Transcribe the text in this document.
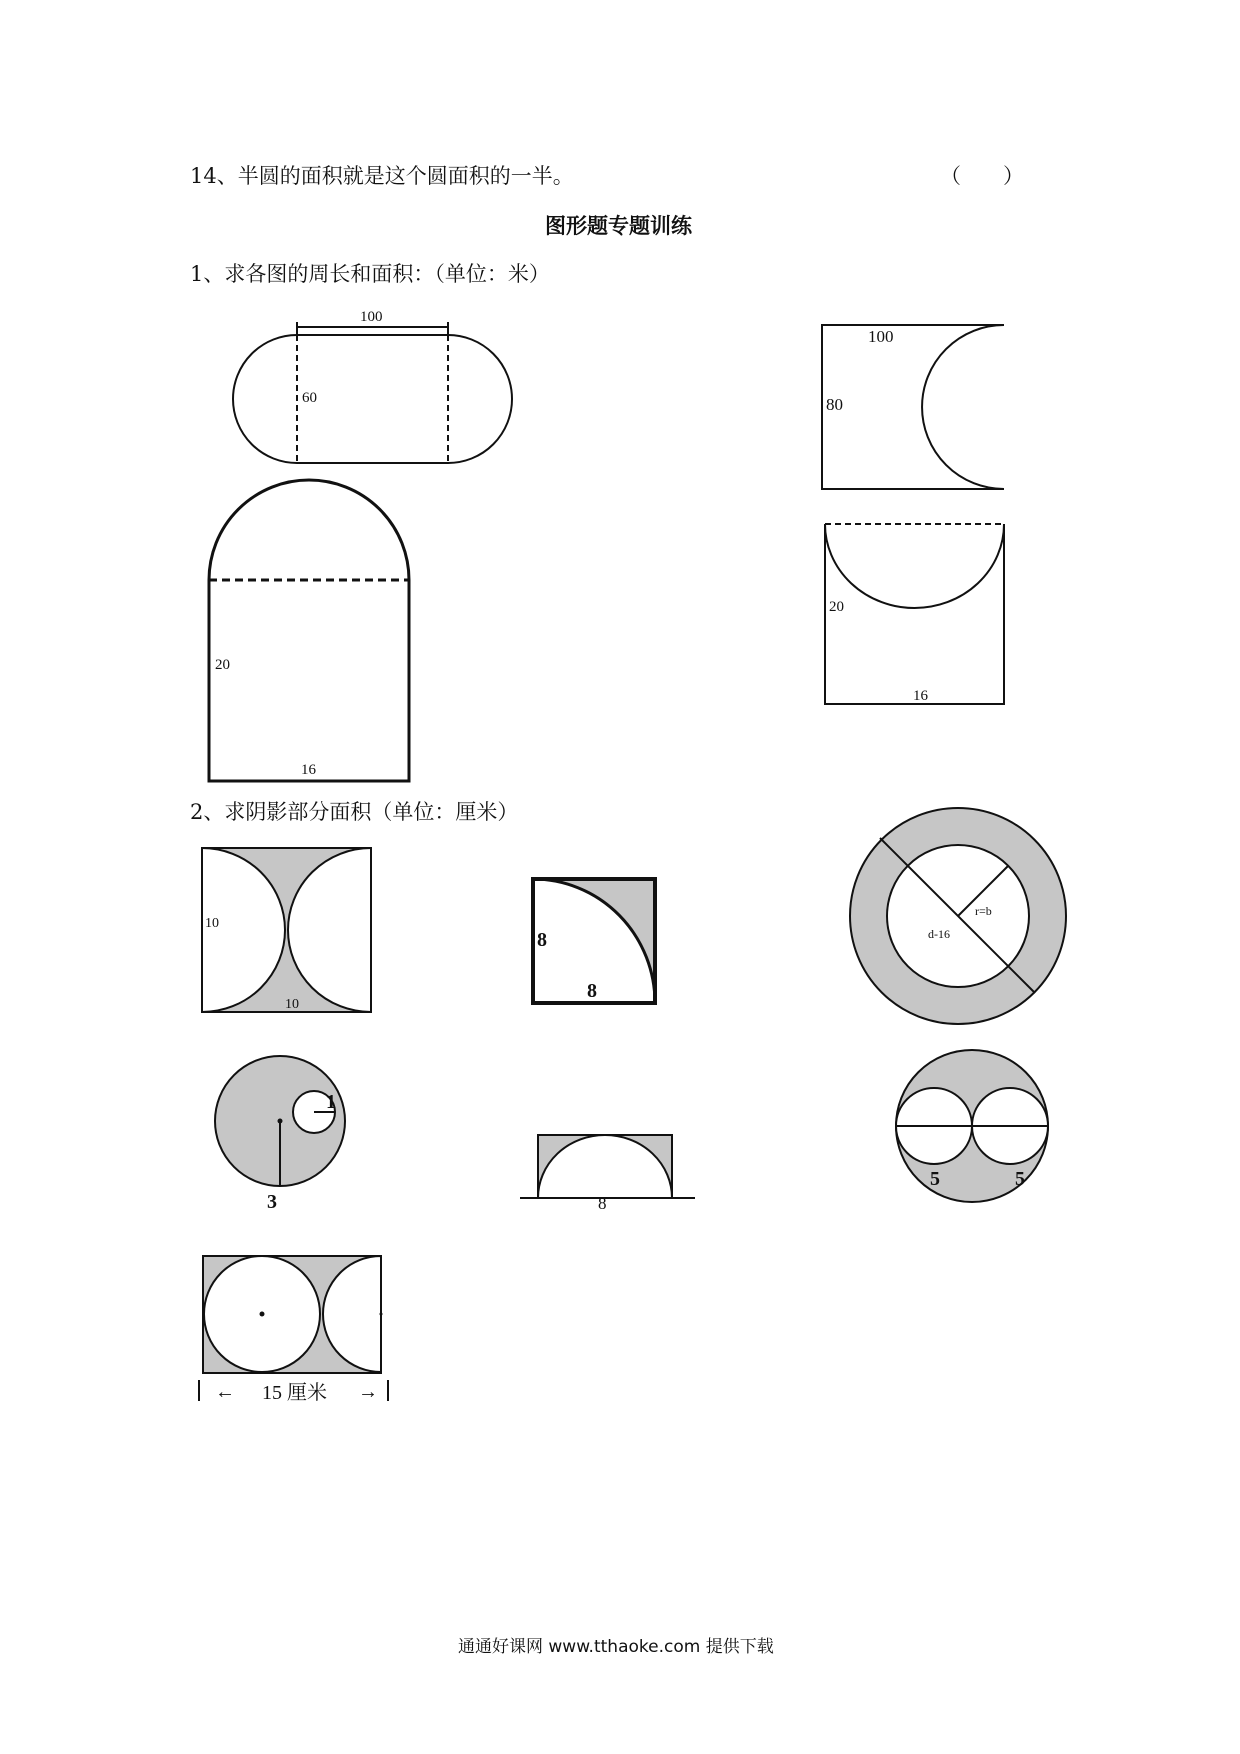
14、半圆的面积就是这个圆面积的一半。	（　　）
图形题专题训练
1、求各图的周长和面积：（单位：米）
2、求阴影部分面积（单位：厘米）
通通好课网 www.tthaoke.com 提供下载
100
60
100
80
20
16
20
16
10
10
8
8
r=b
d-16
1
3	8
5	5
← 15 厘米 →
